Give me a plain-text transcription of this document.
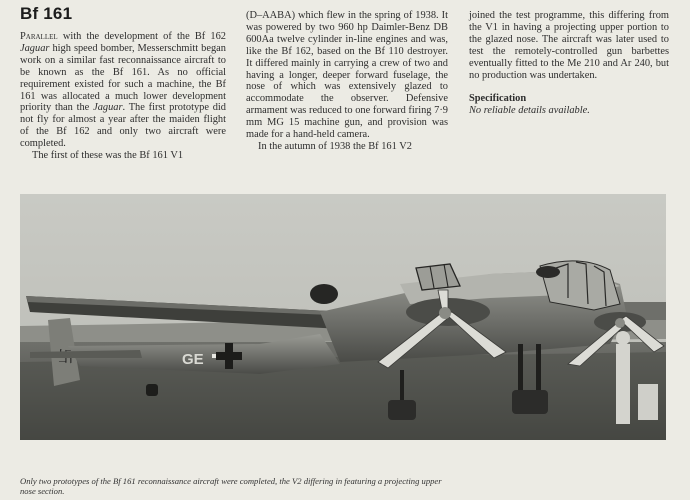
Bf 161

Parallel with the development of the Bf 162 Jaguar high speed bomber, Messerschmitt began work on a similar fast reconnaissance aircraft to be known as the Bf 161. As no official requirement existed for such a machine, the Bf 161 was allocated a much lower development priority than the Jaguar. The first prototype did not fly for almost a year after the maiden flight of the Bf 162 and only two aircraft were completed.

The first of these was the Bf 161 V1

(D–AABA) which flew in the spring of 1938. It was powered by two 960 hp Daimler-Benz DB 600Aa twelve cylinder in-line engines and was, like the Bf 162, based on the Bf 110 destroyer. It differed mainly in carrying a crew of two and having a longer, deeper forward fuselage, the nose of which was extensively glazed to accommodate the observer. Defensive armament was reduced to one forward firing 7·9 mm MG 15 machine gun, and provision was made for a hand-held camera.

In the autumn of 1938 the Bf 161 V2

joined the test programme, this differing from the V1 in having a projecting upper portion to the glazed nose. The aircraft was later used to test the remotely-controlled gun barbettes eventually fitted to the Me 210 and Ar 240, but no production was undertaken.

Specification

No reliable details available.

GE
Only two prototypes of the Bf 161 reconnaissance aircraft were completed, the V2 differing in featuring a projecting upper nose section.
